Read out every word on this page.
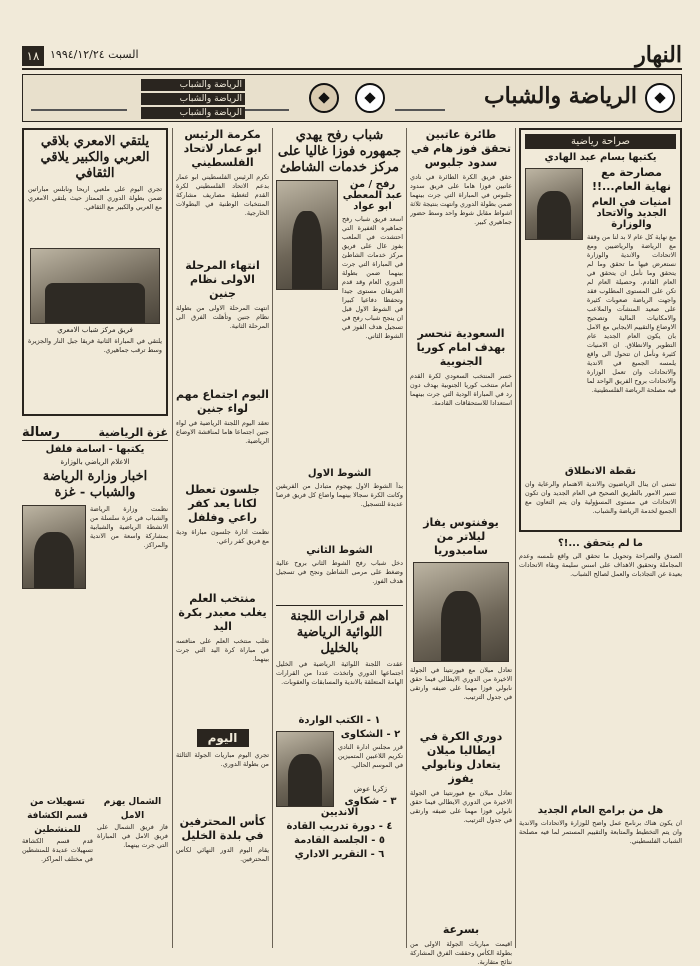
١٨ السبت ١٩٩٤/١٢/٢٤	النهار
الرياضة والشباب
الرياضة والشباب
الرياضة والشباب
الرياضة والشباب
صراحة رياضية
يكتبها بسام عبد الهادي
مصارحة مع نهاية العام...!!
امنيات في العام الجديد والاتحاد والوزارة
مع نهاية كل عام لا بد لنا من وقفة مع الرياضة والرياضيين ومع الاتحادات والاندية والوزارة نستعرض فيها ما تحقق وما لم يتحقق وما نأمل ان يتحقق في العام القادم. وحصيلة العام لم تكن على المستوى المطلوب فقد واجهت الرياضة صعوبات كثيرة على صعيد المنشآت والملاعب والامكانيات المالية وتصحيح الاوضاع والتقييم الايجابي مع الامل بان يكون العام الجديد عام التطوير والانطلاق. ان الامنيات كثيرة ونأمل ان تتحول الى واقع يلمسه الجميع في الاندية والاتحادات وان تعمل الوزارة والاتحادات بروح الفريق الواحد لما فيه مصلحة الرياضة الفلسطينية.
نقطة الانطلاق
نتمنى ان ينال الرياضيون والاندية الاهتمام والرعاية وان تسير الامور بالطريق الصحيح في العام الجديد وان تكون الاتحادات في مستوى المسؤولية وان يتم التعاون مع الجميع لخدمة الرياضة والشباب.
ما لم يتحقق ...!؟
الصدق والصراحة وتحويل ما تحقق الى واقع نلمسه وعدم المجاملة وتحقيق الاهداف على اسس سليمة وبقاء الاتحادات بعيدة عن التجاذبات والعمل لصالح الشباب.
هل من برامج العام الجديد
ان يكون هناك برنامج عمل واضح للوزارة والاتحادات والاندية وان يتم التخطيط والمتابعة والتقييم المستمر لما فيه مصلحة الشباب الفلسطيني.
طائرة عاتبين تحقق فوز هام في سدود جلبوس
حقق فريق الكرة الطائرة في نادي عاتبين فوزا هاما على فريق سدود جلبوس في المباراة التي جرت بينهما ضمن بطولة الدوري وانتهت بنتيجة ثلاثة اشواط مقابل شوط واحد وسط حضور جماهيري كبير.
السعودية تنحسر بهدف امام كوريا الجنوبية
خسر المنتخب السعودي لكرة القدم امام منتخب كوريا الجنوبية بهدف دون رد في المباراة الودية التي جرت بينهما استعدادا للاستحقاقات القادمة.
يوفنتوس يفاز ليلاتر من سامبدوريا
تعادل ميلان مع فيورنتينا في الجولة الاخيرة من الدوري الايطالي فيما حقق نابولي فوزا مهما على ضيفه وارتقى في جدول الترتيب.
دوري الكرة في ايطاليا ميلان يتعادل ونابولي يفوز
تعادل ميلان مع فيورنتينا في الجولة الاخيرة من الدوري الايطالي فيما حقق نابولي فوزا مهما على ضيفه وارتقى في جدول الترتيب.
بسرعة
اقيمت مباريات الجولة الاولى من بطولة الكأس وحققت الفرق المشاركة نتائج متقاربة.
شباب رفح يهدي جمهوره فوزا غاليا على مركز خدمات الشاطئ
رفح / من عبد المعطي ابو عواد
اسعد فريق شباب رفح جماهيره الغفيرة التي احتشدت في الملعب بفوز غال على فريق مركز خدمات الشاطئ في المباراة التي جرت بينهما ضمن بطولة الدوري العام وقد قدم الفريقان مستوى جيدا وتحفظا دفاعيا كبيرا في الشوط الاول قبل ان ينجح شباب رفح في تسجيل هدف الفوز في الشوط الثاني.
الشوط الاول
بدأ الشوط الاول بهجوم متبادل من الفريقين وكانت الكرة سجالا بينهما واضاع كل فريق فرصا عديدة للتسجيل.
الشوط الثاني
دخل شباب رفح الشوط الثاني بروح عالية وضغط على مرمى الشاطئ ونجح في تسجيل هدف الفوز.
اهم قرارات اللجنة اللوائية الرياضية بالخليل
عقدت اللجنة اللوائية الرياضية في الخليل اجتماعها الدوري واتخذت عددا من القرارات الهامة المتعلقة بالاندية والمسابقات والعقوبات.
١ - الكتب الواردة
٢ - الشكاوى
قرر مجلس ادارة النادي تكريم اللاعبين المتميزين في الموسم الحالي.
زكريا عوض
٣ - شكاوى الانديين
٤ - دورة تدريب القادة
٥ - الجلسة القادمة
٦ - التقرير الاداري
مكرمة الرئيس ابو عمار لاتحاد الفلسطيني
تكرم الرئيس الفلسطيني ابو عمار بدعم الاتحاد الفلسطيني لكرة القدم لتغطية مصاريف مشاركة المنتخبات الوطنية في البطولات الخارجية.
انتهاء المرحلة الاولى نظام جنين
انتهت المرحلة الاولى من بطولة نظام جنين وتأهلت الفرق الى المرحلة الثانية.
اليوم اجتماع مهم لواء جنين
تعقد اليوم اللجنة الرياضية في لواء جنين اجتماعا هاما لمناقشة الاوضاع الرياضية.
جلسون تعطل لكانا يعد كفر راعي وفلفل
نظمت ادارة جلسون مباراة ودية مع فريق كفر راعي.
منتخب العلم يغلب معبدر بكرة اليد
تغلب منتخب العلم على منافسه في مباراة كرة اليد التي جرت بينهما.
اليوم
تجري اليوم مباريات الجولة الثالثة من بطولة الدوري.
كأس المحترفين في بلدة الخليل
يقام اليوم الدور النهائي لكأس المحترفين.
يلتقي الامعري بلاقي العربي والكبير يلاقي الثقافي
تجري اليوم على ملعبي اريحا ونابلس مباراتين ضمن بطولة الدوري الممتاز حيث يلتقي الامعري مع العربي والكبير مع الثقافي.
فريق مركز شباب الامعري
يلتقي في المباراة الثانية فريقا جبل النار والجزيرة وسط ترقب جماهيري.
غزة الرياضية
رسالة
يكتبها - اسامة فلفل
الاعلام الرياضي بالوزارة
اخبار وزارة الرياضة والشباب - غزة
نظمت وزارة الرياضة والشباب في غزة سلسلة من الانشطة الرياضية والشبابية بمشاركة واسعة من الاندية والمراكز.
الشمال يهزم الامل
فاز فريق الشمال على فريق الامل في المباراة التي جرت بينهما.
تسهيلات من قسم الكشافة للمنشطين
قدم قسم الكشافة تسهيلات عديدة للمنشطين في مختلف المراكز.
